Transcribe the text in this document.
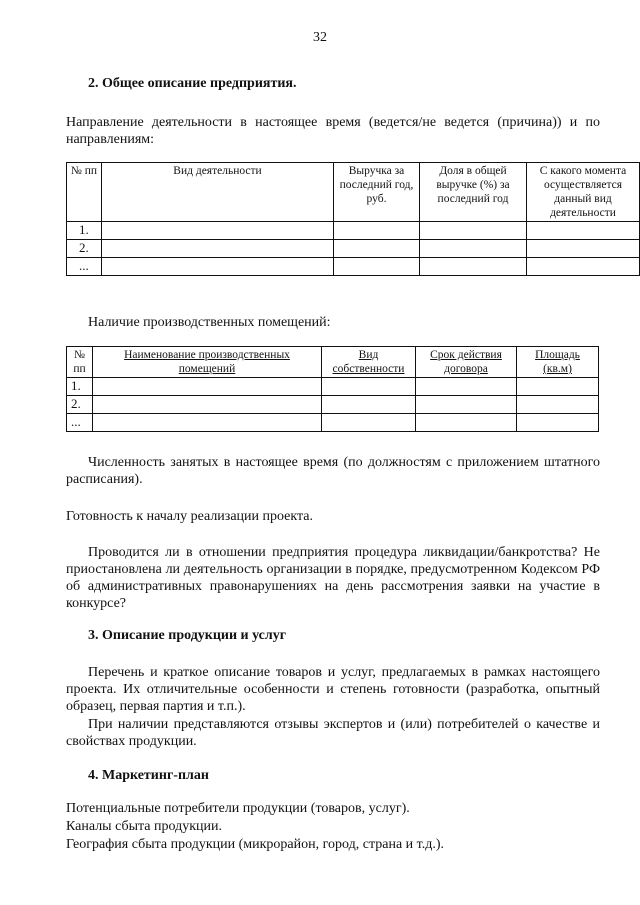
32
2. Общее описание предприятия.
Направление деятельности в настоящее время (ведется/не ведется (причина)) и по направлениям:
№ пп	Вид деятельности	Выручка за последний год, руб.	Доля в общей выручке (%) за последний год	С какого момента осуществляется данный вид деятельности
1.				
2.				
...				
Наличие производственных помещений:
№ пп	Наименование производственных помещений	Вид собственности	Срок действия договора	Площадь (кв.м)
1.				
2.				
...				
Численность занятых в настоящее время (по должностям с приложением штатного расписания).
Готовность к началу реализации проекта.
Проводится ли в отношении предприятия процедура ликвидации/банкротства? Не приостановлена ли деятельность организации в порядке, предусмотренном Кодексом РФ об административных правонарушениях на день рассмотрения заявки на участие в конкурсе?
3. Описание продукции и услуг
Перечень и краткое описание товаров и услуг, предлагаемых в рамках настоящего проекта. Их отличительные особенности и степень готовности (разработка, опытный образец, первая партия и т.п.).
При наличии представляются отзывы экспертов и (или) потребителей о качестве и свойствах продукции.
4. Маркетинг-план
Потенциальные потребители продукции (товаров, услуг).
Каналы сбыта продукции.
География сбыта продукции (микрорайон, город, страна и т.д.).
